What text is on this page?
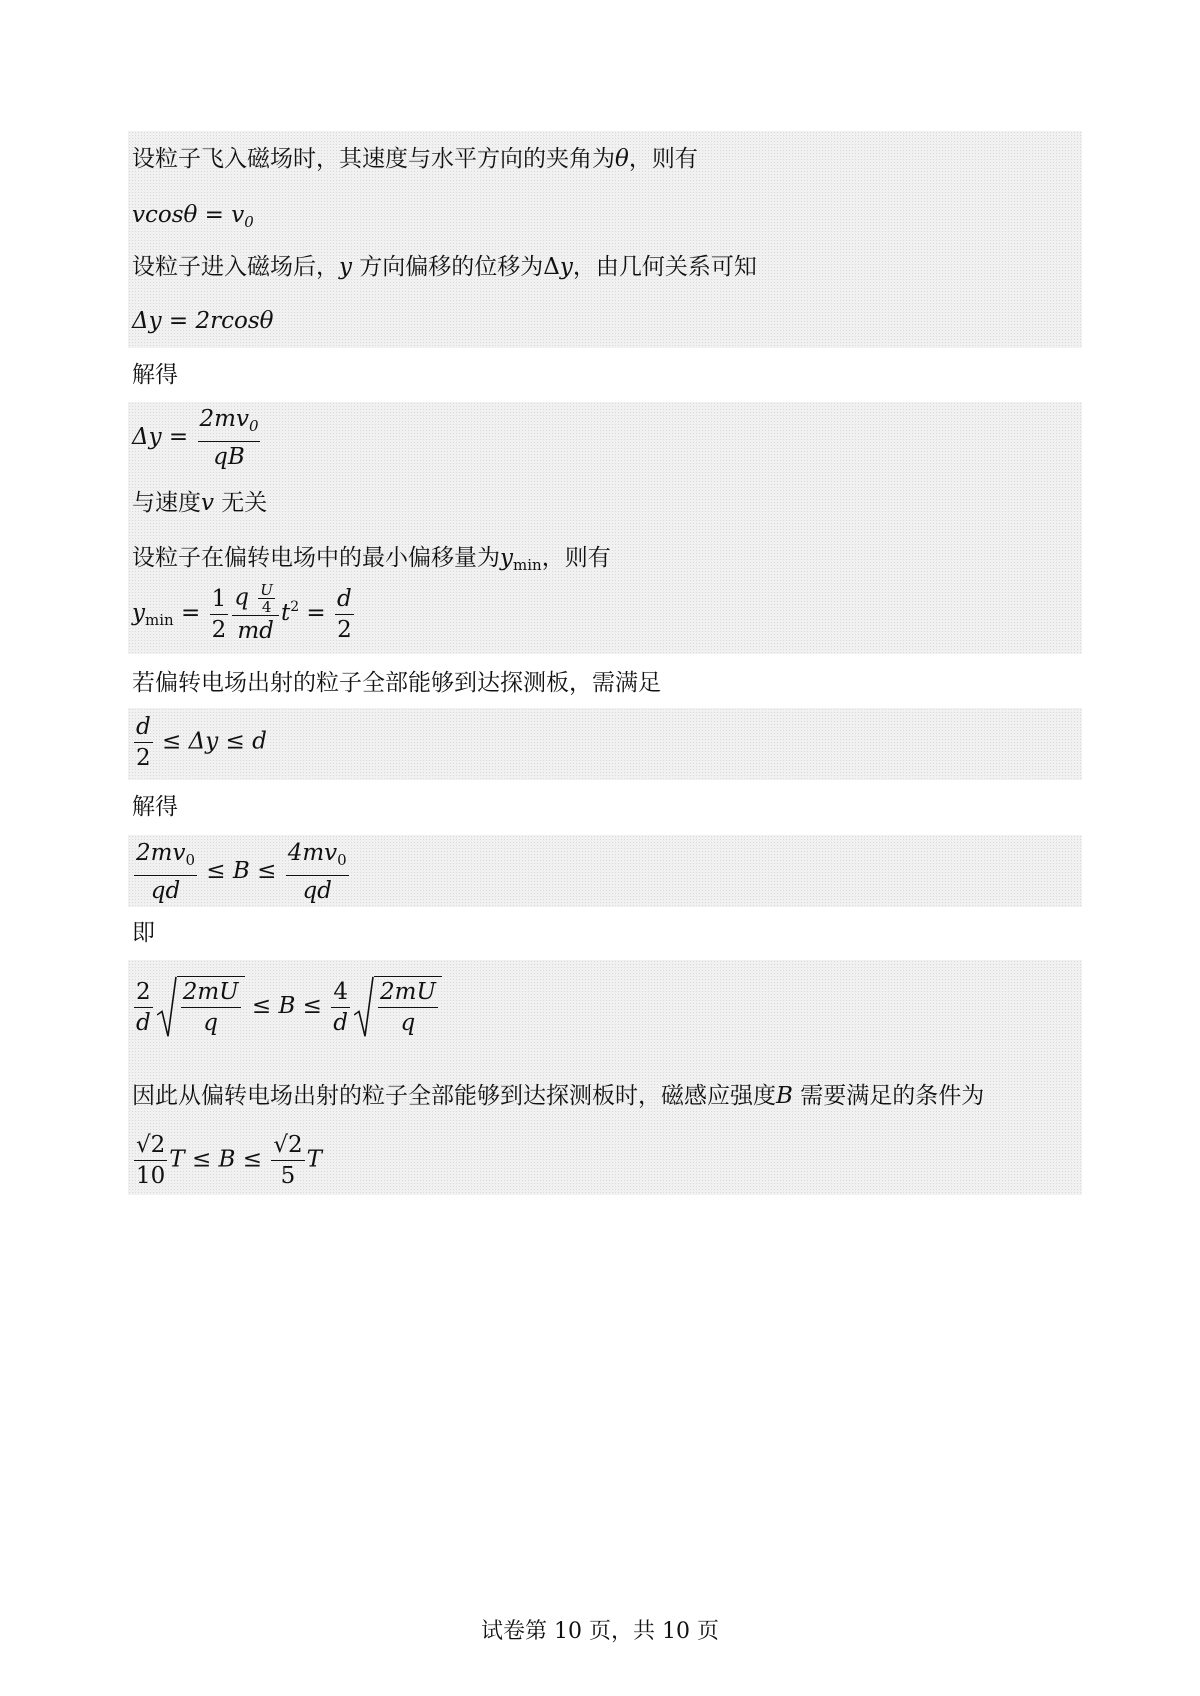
设粒子飞入磁场时，其速度与水平方向的夹角为θ，则有
$vcos\theta = v_0$
设粒子进入磁场后，y 方向偏移的位移为Δy，由几何关系可知
Δy = 2rcosθ
解得
$\Delta y = \frac{2mv_0}{qB}$
与速度v 无关
设粒子在偏转电场中的最小偏移量为$y_{min}$，则有
$y_{min} = \frac{1}{2} \frac{q \frac{U}{4}}{md} t^2 = \frac{d}{2}$
若偏转电场出射的粒子全部能够到达探测板，需满足
$\frac{d}{2} \le \Delta y \le d$
解得
$\frac{2mv_0}{qd} \le B \le \frac{4mv_0}{qd}$
即
$\frac{2}{d} \frac{2mU}{q} \le B \le \frac{4}{d} \frac{2mU}{q}$
因此从偏转电场出射的粒子全部能够到达探测板时，磁感应强度B 需要满足的条件为
$\frac{√2}{10}$ $T \le B \le \frac{√2}{5}$ T
试卷第 10 页，共 10 页
